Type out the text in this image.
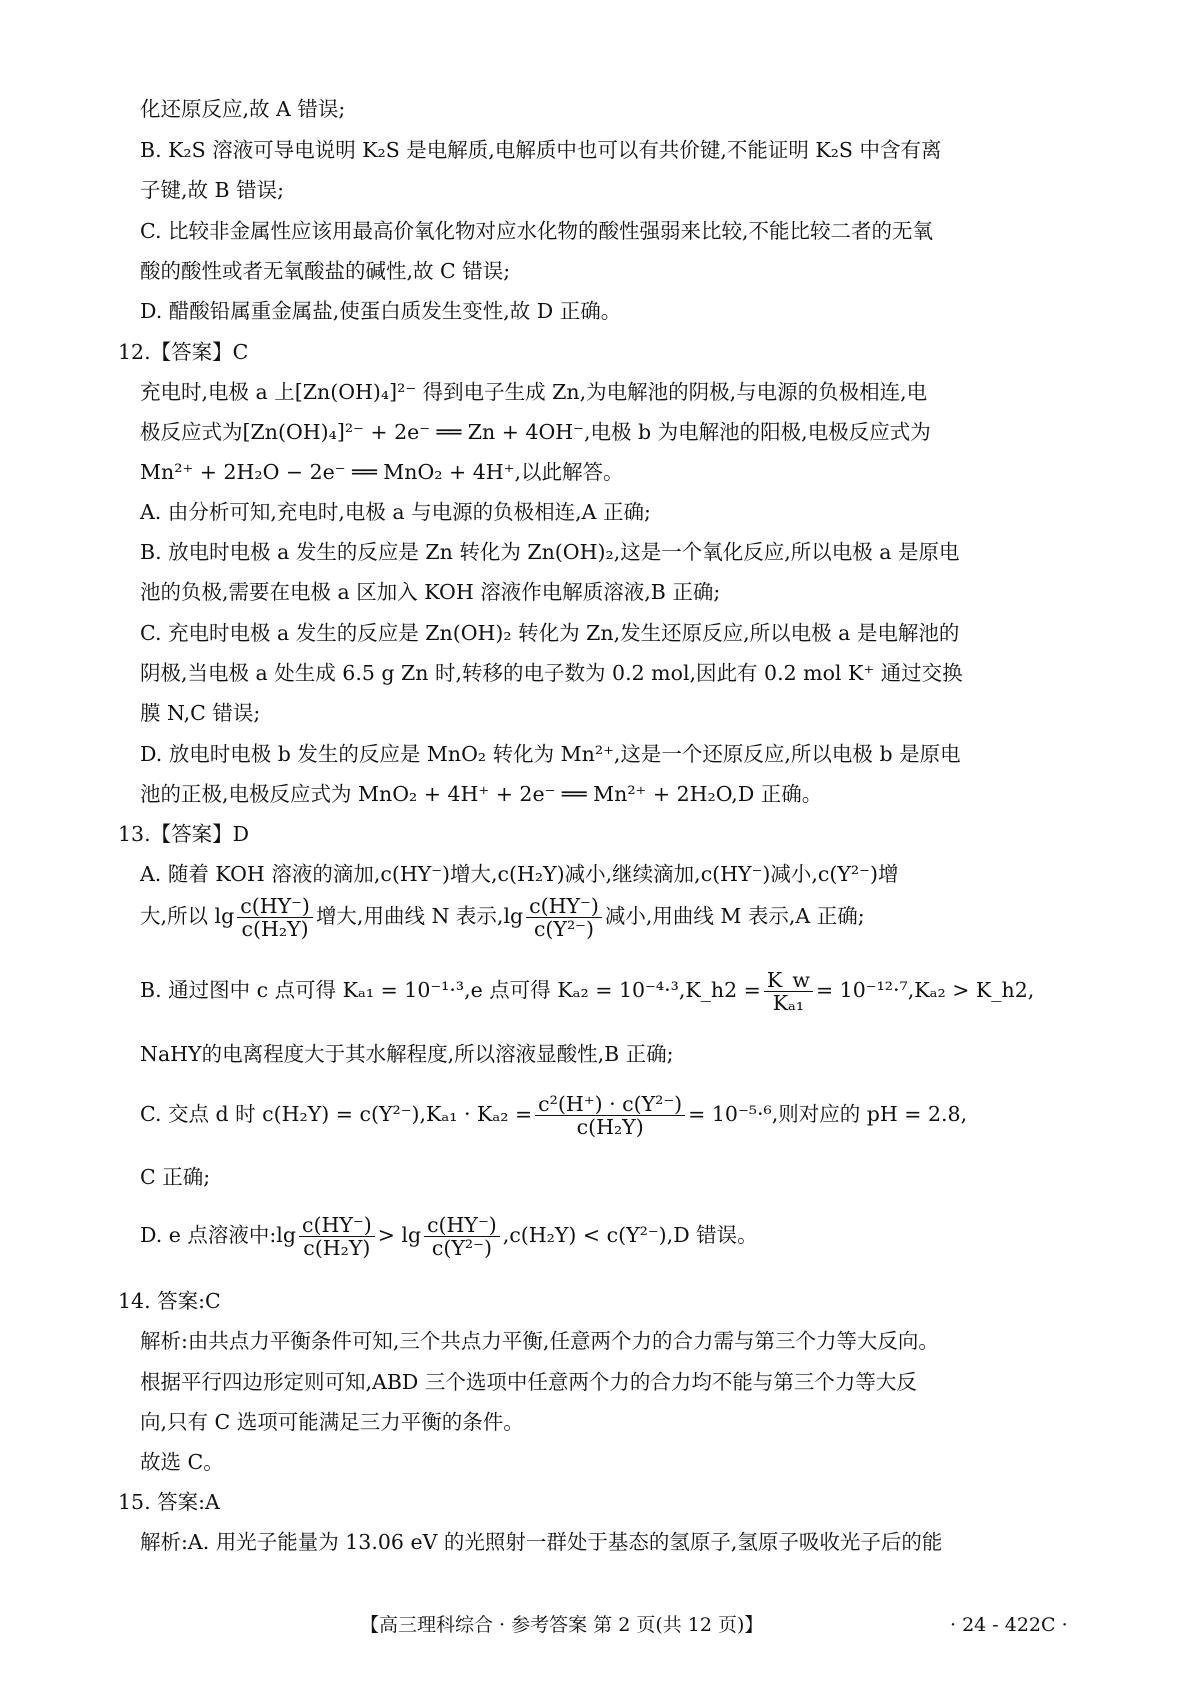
化还原反应,故 A 错误;
B. K₂S 溶液可导电说明 K₂S 是电解质,电解质中也可以有共价键,不能证明 K₂S 中含有离
子键,故 B 错误;
C. 比较非金属性应该用最高价氧化物对应水化物的酸性强弱来比较,不能比较二者的无氧
酸的酸性或者无氧酸盐的碱性,故 C 错误;
D. 醋酸铅属重金属盐,使蛋白质发生变性,故 D 正确。
12.【答案】C
充电时,电极 a 上[Zn(OH)₄]²⁻ 得到电子生成 Zn,为电解池的阴极,与电源的负极相连,电
极反应式为[Zn(OH)₄]²⁻ + 2e⁻ ══ Zn + 4OH⁻,电极 b 为电解池的阳极,电极反应式为
Mn²⁺ + 2H₂O − 2e⁻ ══ MnO₂ + 4H⁺,以此解答。
A. 由分析可知,充电时,电极 a 与电源的负极相连,A 正确;
B. 放电时电极 a 发生的反应是 Zn 转化为 Zn(OH)₂,这是一个氧化反应,所以电极 a 是原电
池的负极,需要在电极 a 区加入 KOH 溶液作电解质溶液,B 正确;
C. 充电时电极 a 发生的反应是 Zn(OH)₂ 转化为 Zn,发生还原反应,所以电极 a 是电解池的
阴极,当电极 a 处生成 6.5 g Zn 时,转移的电子数为 0.2 mol,因此有 0.2 mol K⁺ 通过交换
膜 N,C 错误;
D. 放电时电极 b 发生的反应是 MnO₂ 转化为 Mn²⁺,这是一个还原反应,所以电极 b 是原电
池的正极,电极反应式为 MnO₂ + 4H⁺ + 2e⁻ ══ Mn²⁺ + 2H₂O,D 正确。
13.【答案】D
A. 随着 KOH 溶液的滴加,c(HY⁻)增大,c(H₂Y)减小,继续滴加,c(HY⁻)减小,c(Y²⁻)增
大,所以 $\lg \frac{c(HY^-)}{\text{c(H₂Y)}}$ 增大,用曲线 N 表示$,\lg \frac{c(HY^-)}{\text{c(Y²⁻)}}$ 减小,用曲线 M 表示,A 正确;
B. 通过图中 c 点可得 Kₐ₁ = 10⁻¹·³,e 点可得 Kₐ₂ = 10⁻⁴·³,K_h2 = $\frac{K\_w}{\text{Kₐ₁}} = 10^{-12}\cdot^7,K_{a2}$ > K_h2,
NaHY的电离程度大于其水解程度,所以溶液显酸性,B 正确;
C. 交点 d 时 $c(H_2Y) = c(Y^{2-}),K_{a1} \cdot K_{a2} = \frac{\text{c²(H⁺) · c(Y²⁻)}}{\text{c(H₂Y)}} = 10^{-5}\cdot^6$,则对应的 pH = 2.8,
C 正确;
D. e 点溶液中:lg $\frac{c(HY^-)}{\text{c(H₂Y)}} > \lg \frac{c(HY^-)}{\text{c(Y²⁻)}} ,c(H_2Y) < c(Y^{2-}),D$ 错误。
14. 答案:C
解析:由共点力平衡条件可知,三个共点力平衡,任意两个力的合力需与第三个力等大反向。
根据平行四边形定则可知,ABD 三个选项中任意两个力的合力均不能与第三个力等大反
向,只有 C 选项可能满足三力平衡的条件。
故选 C。
15. 答案:A
解析:A. 用光子能量为 13.06 eV 的光照射一群处于基态的氢原子,氢原子吸收光子后的能
【高三理科综合 · 参考答案 第 2 页(共 12 页)】	· 24 - 422C ·
